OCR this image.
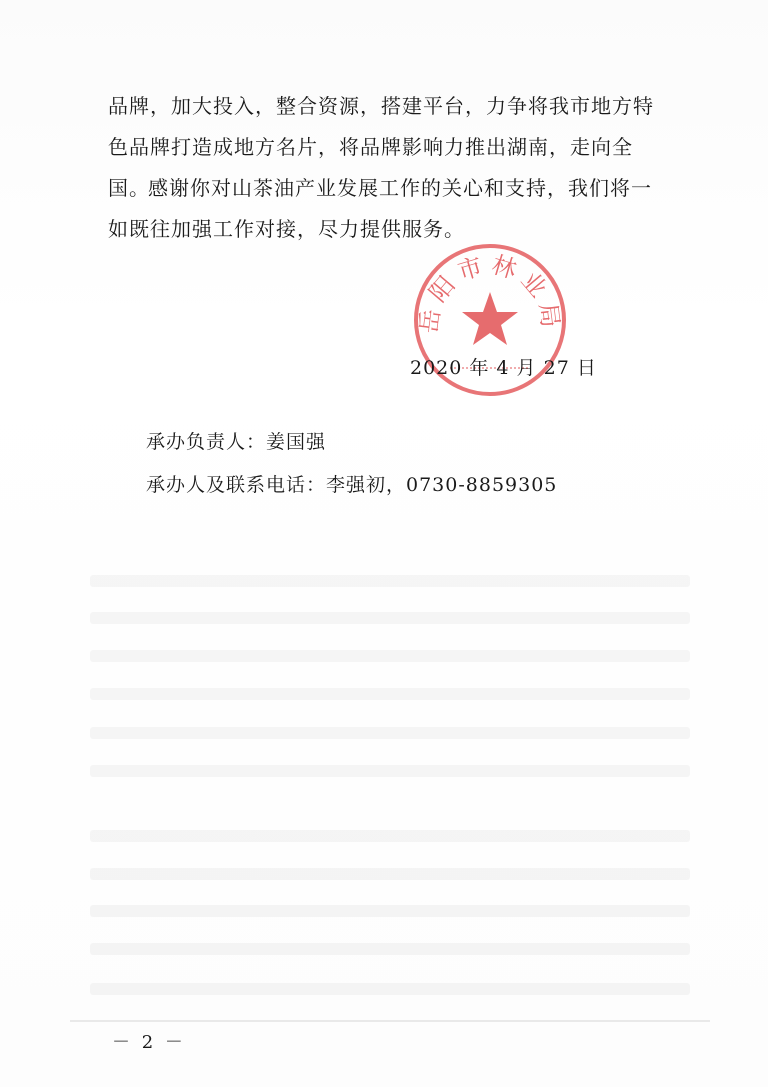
品牌，加大投入，整合资源，搭建平台，力争将我市地方特色品牌打造成地方名片，将品牌影响力推出湖南，走向全国。

感谢你对山茶油产业发展工作的关心和支持，我们将一如既往加强工作对接，尽力提供服务。

岳阳市林业局
2020 年 4 月 27 日
承办负责人：姜国强
承办人及联系电话：李强初，0730-8859305
－ 2 －
